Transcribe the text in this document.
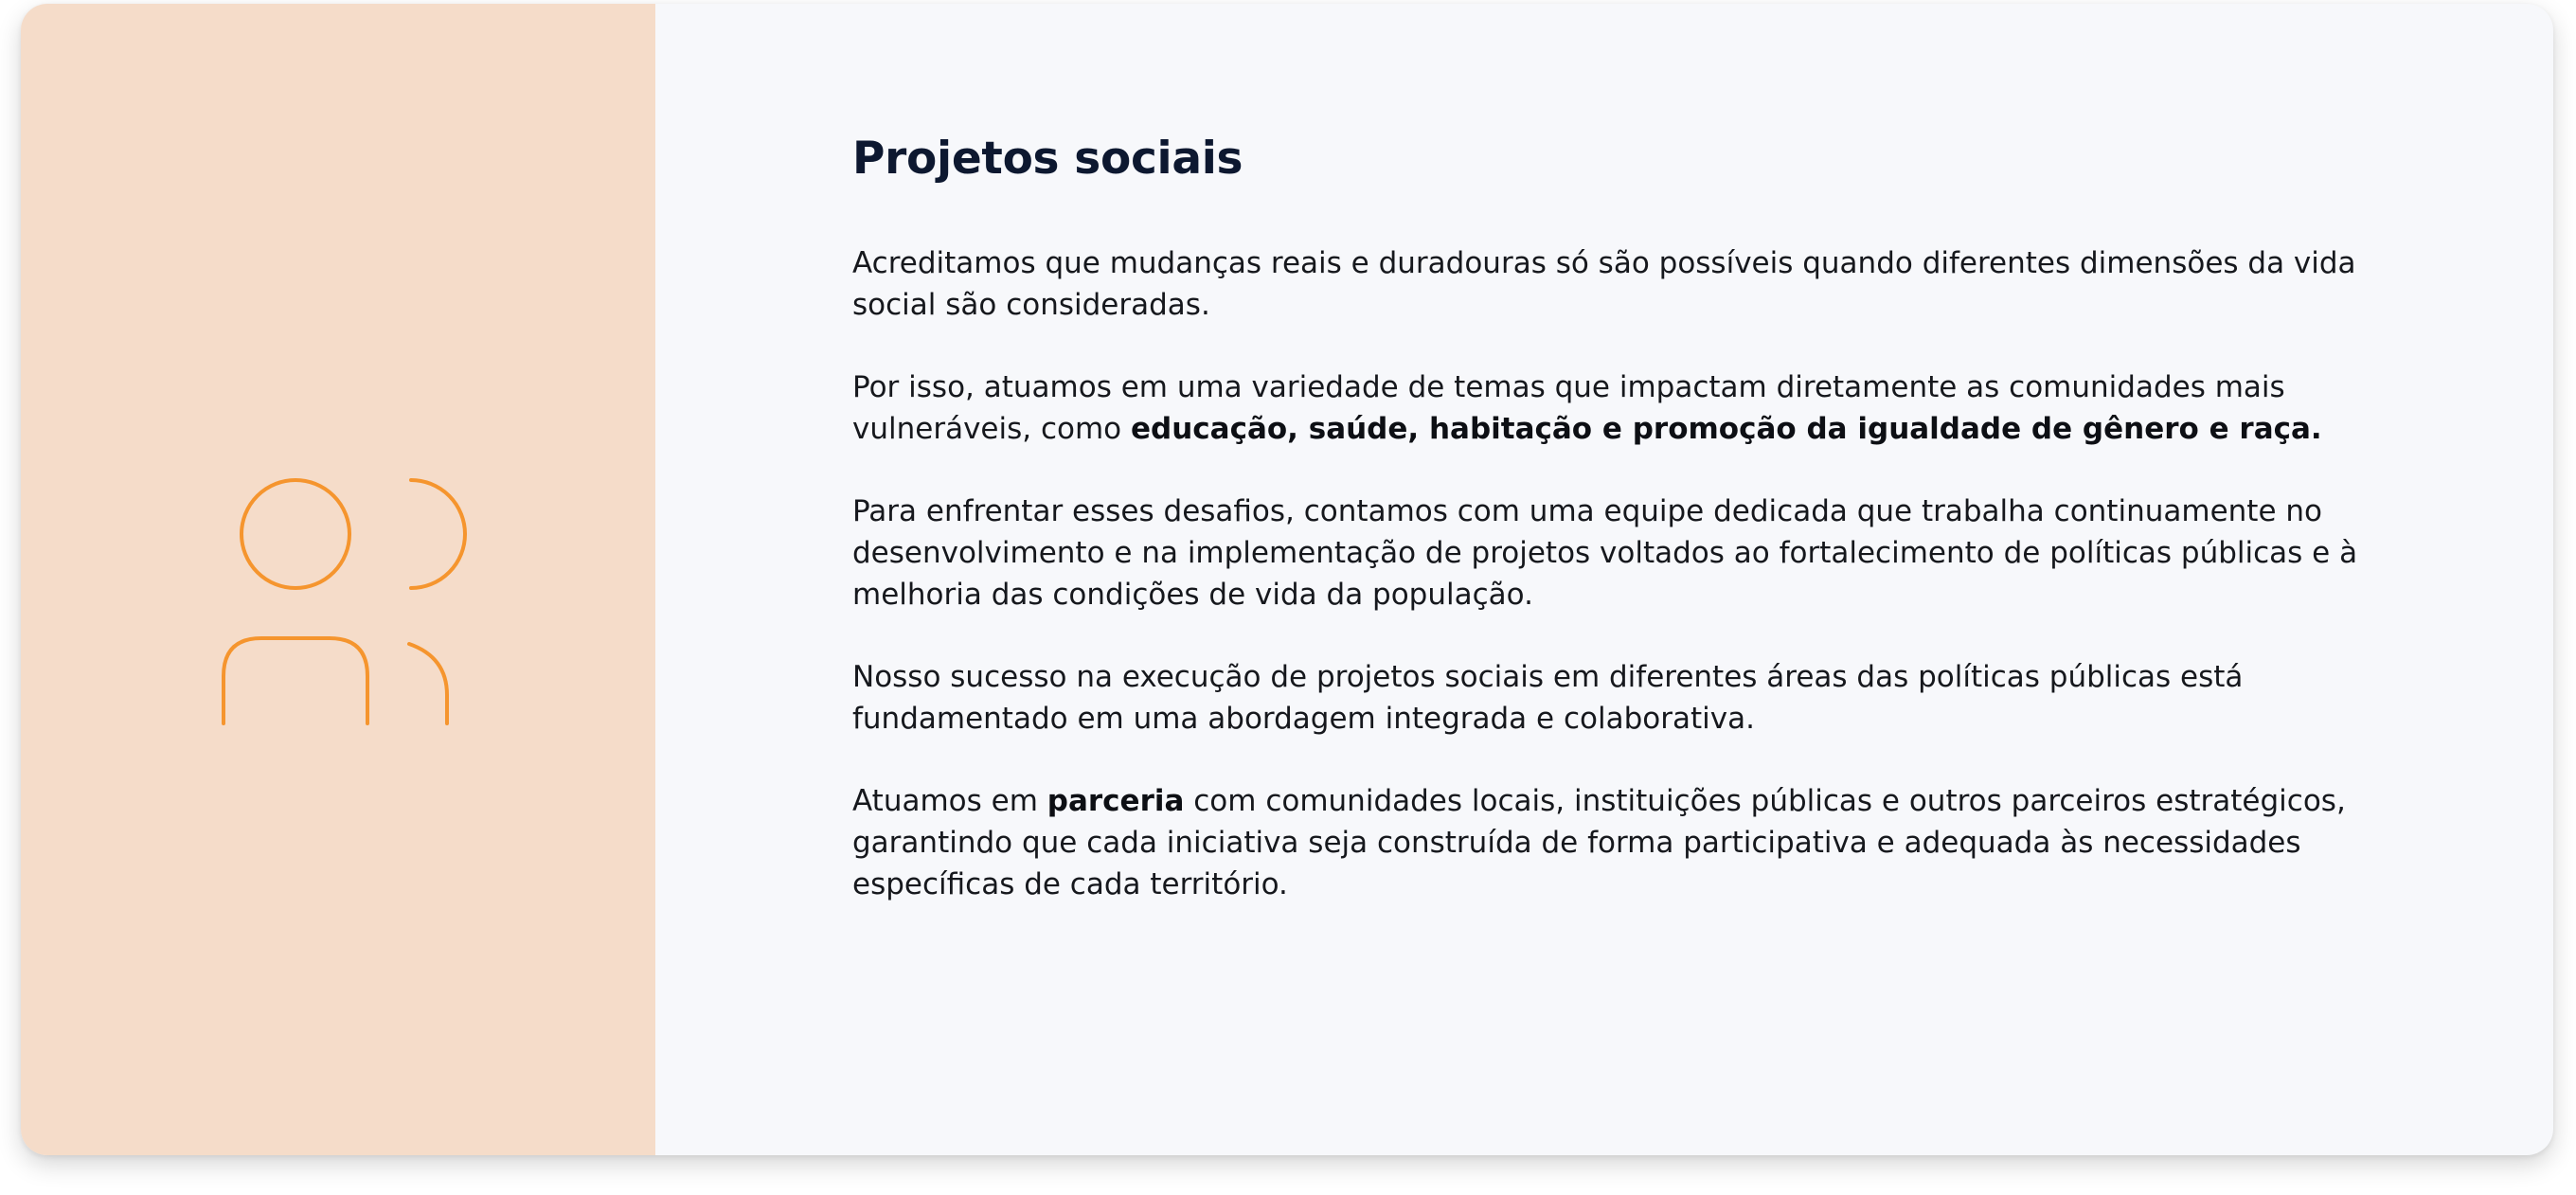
Projetos sociais

Acreditamos que mudanças reais e duradouras só são possíveis quando diferentes dimensões da vida social são consideradas.

Por isso, atuamos em uma variedade de temas que impactam diretamente as comunidades mais vulneráveis, como educação, saúde, habitação e promoção da igualdade de gênero e raça.

Para enfrentar esses desafios, contamos com uma equipe dedicada que trabalha continuamente no desenvolvimento e na implementação de projetos voltados ao fortalecimento de políticas públicas e à melhoria das condições de vida da população.

Nosso sucesso na execução de projetos sociais em diferentes áreas das políticas públicas está fundamentado em uma abordagem integrada e colaborativa.

Atuamos em parceria com comunidades locais, instituições públicas e outros parceiros estratégicos, garantindo que cada iniciativa seja construída de forma participativa e adequada às necessidades específicas de cada território.
